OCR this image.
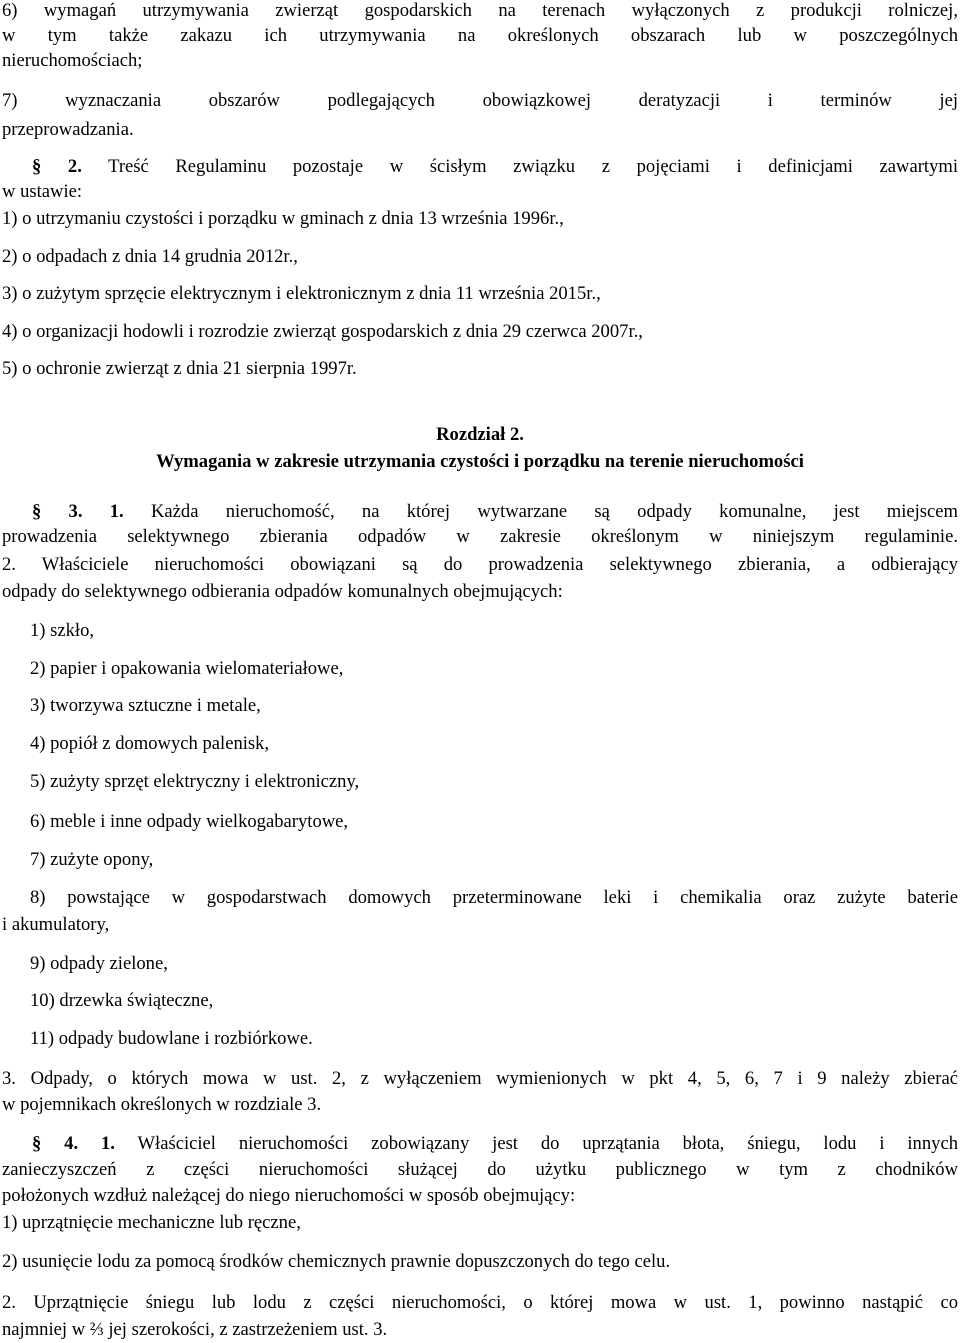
6) wymagań utrzymywania zwierząt gospodarskich na terenach wyłączonych z produkcji rolniczej,
w tym także zakazu ich utrzymywania na określonych obszarach lub w poszczególnych
nieruchomościach;
7) wyznaczania obszarów podlegających obowiązkowej deratyzacji i terminów jej
przeprowadzania.
§ 2. Treść Regulaminu pozostaje w ścisłym związku z pojęciami i definicjami zawartymi
w ustawie:
1) o utrzymaniu czystości i porządku w gminach z dnia 13 września 1996r.,
2) o odpadach z dnia 14 grudnia 2012r.,
3) o zużytym sprzęcie elektrycznym i elektronicznym z dnia 11 września 2015r.,
4) o organizacji hodowli i rozrodzie zwierząt gospodarskich z dnia 29 czerwca 2007r.,
5) o ochronie zwierząt z dnia 21 sierpnia 1997r.
Rozdział 2.
Wymagania w zakresie utrzymania czystości i porządku na terenie nieruchomości
§ 3. 1. Każda nieruchomość, na której wytwarzane są odpady komunalne, jest miejscem
prowadzenia selektywnego zbierania odpadów w zakresie określonym w niniejszym regulaminie.
2. Właściciele nieruchomości obowiązani są do prowadzenia selektywnego zbierania, a odbierający
odpady do selektywnego odbierania odpadów komunalnych obejmujących:
1) szkło,
2) papier i opakowania wielomateriałowe,
3) tworzywa sztuczne i metale,
4) popiół z domowych palenisk,
5) zużyty sprzęt elektryczny i elektroniczny,
6) meble i inne odpady wielkogabarytowe,
7) zużyte opony,
8) powstające w gospodarstwach domowych przeterminowane leki i chemikalia oraz zużyte baterie
i akumulatory,
9) odpady zielone,
10) drzewka świąteczne,
11) odpady budowlane i rozbiórkowe.
3. Odpady, o których mowa w ust. 2, z wyłączeniem wymienionych w pkt 4, 5, 6, 7 i 9 należy zbierać
w pojemnikach określonych w rozdziale 3.
§ 4. 1. Właściciel nieruchomości zobowiązany jest do uprzątania błota, śniegu, lodu i innych
zanieczyszczeń z części nieruchomości służącej do użytku publicznego w tym z chodników
położonych wzdłuż należącej do niego nieruchomości w sposób obejmujący:
1) uprzątnięcie mechaniczne lub ręczne,
2) usunięcie lodu za pomocą środków chemicznych prawnie dopuszczonych do tego celu.
2. Uprzątnięcie śniegu lub lodu z części nieruchomości, o której mowa w ust. 1, powinno nastąpić co
najmniej w ⅔ jej szerokości, z zastrzeżeniem ust. 3.
